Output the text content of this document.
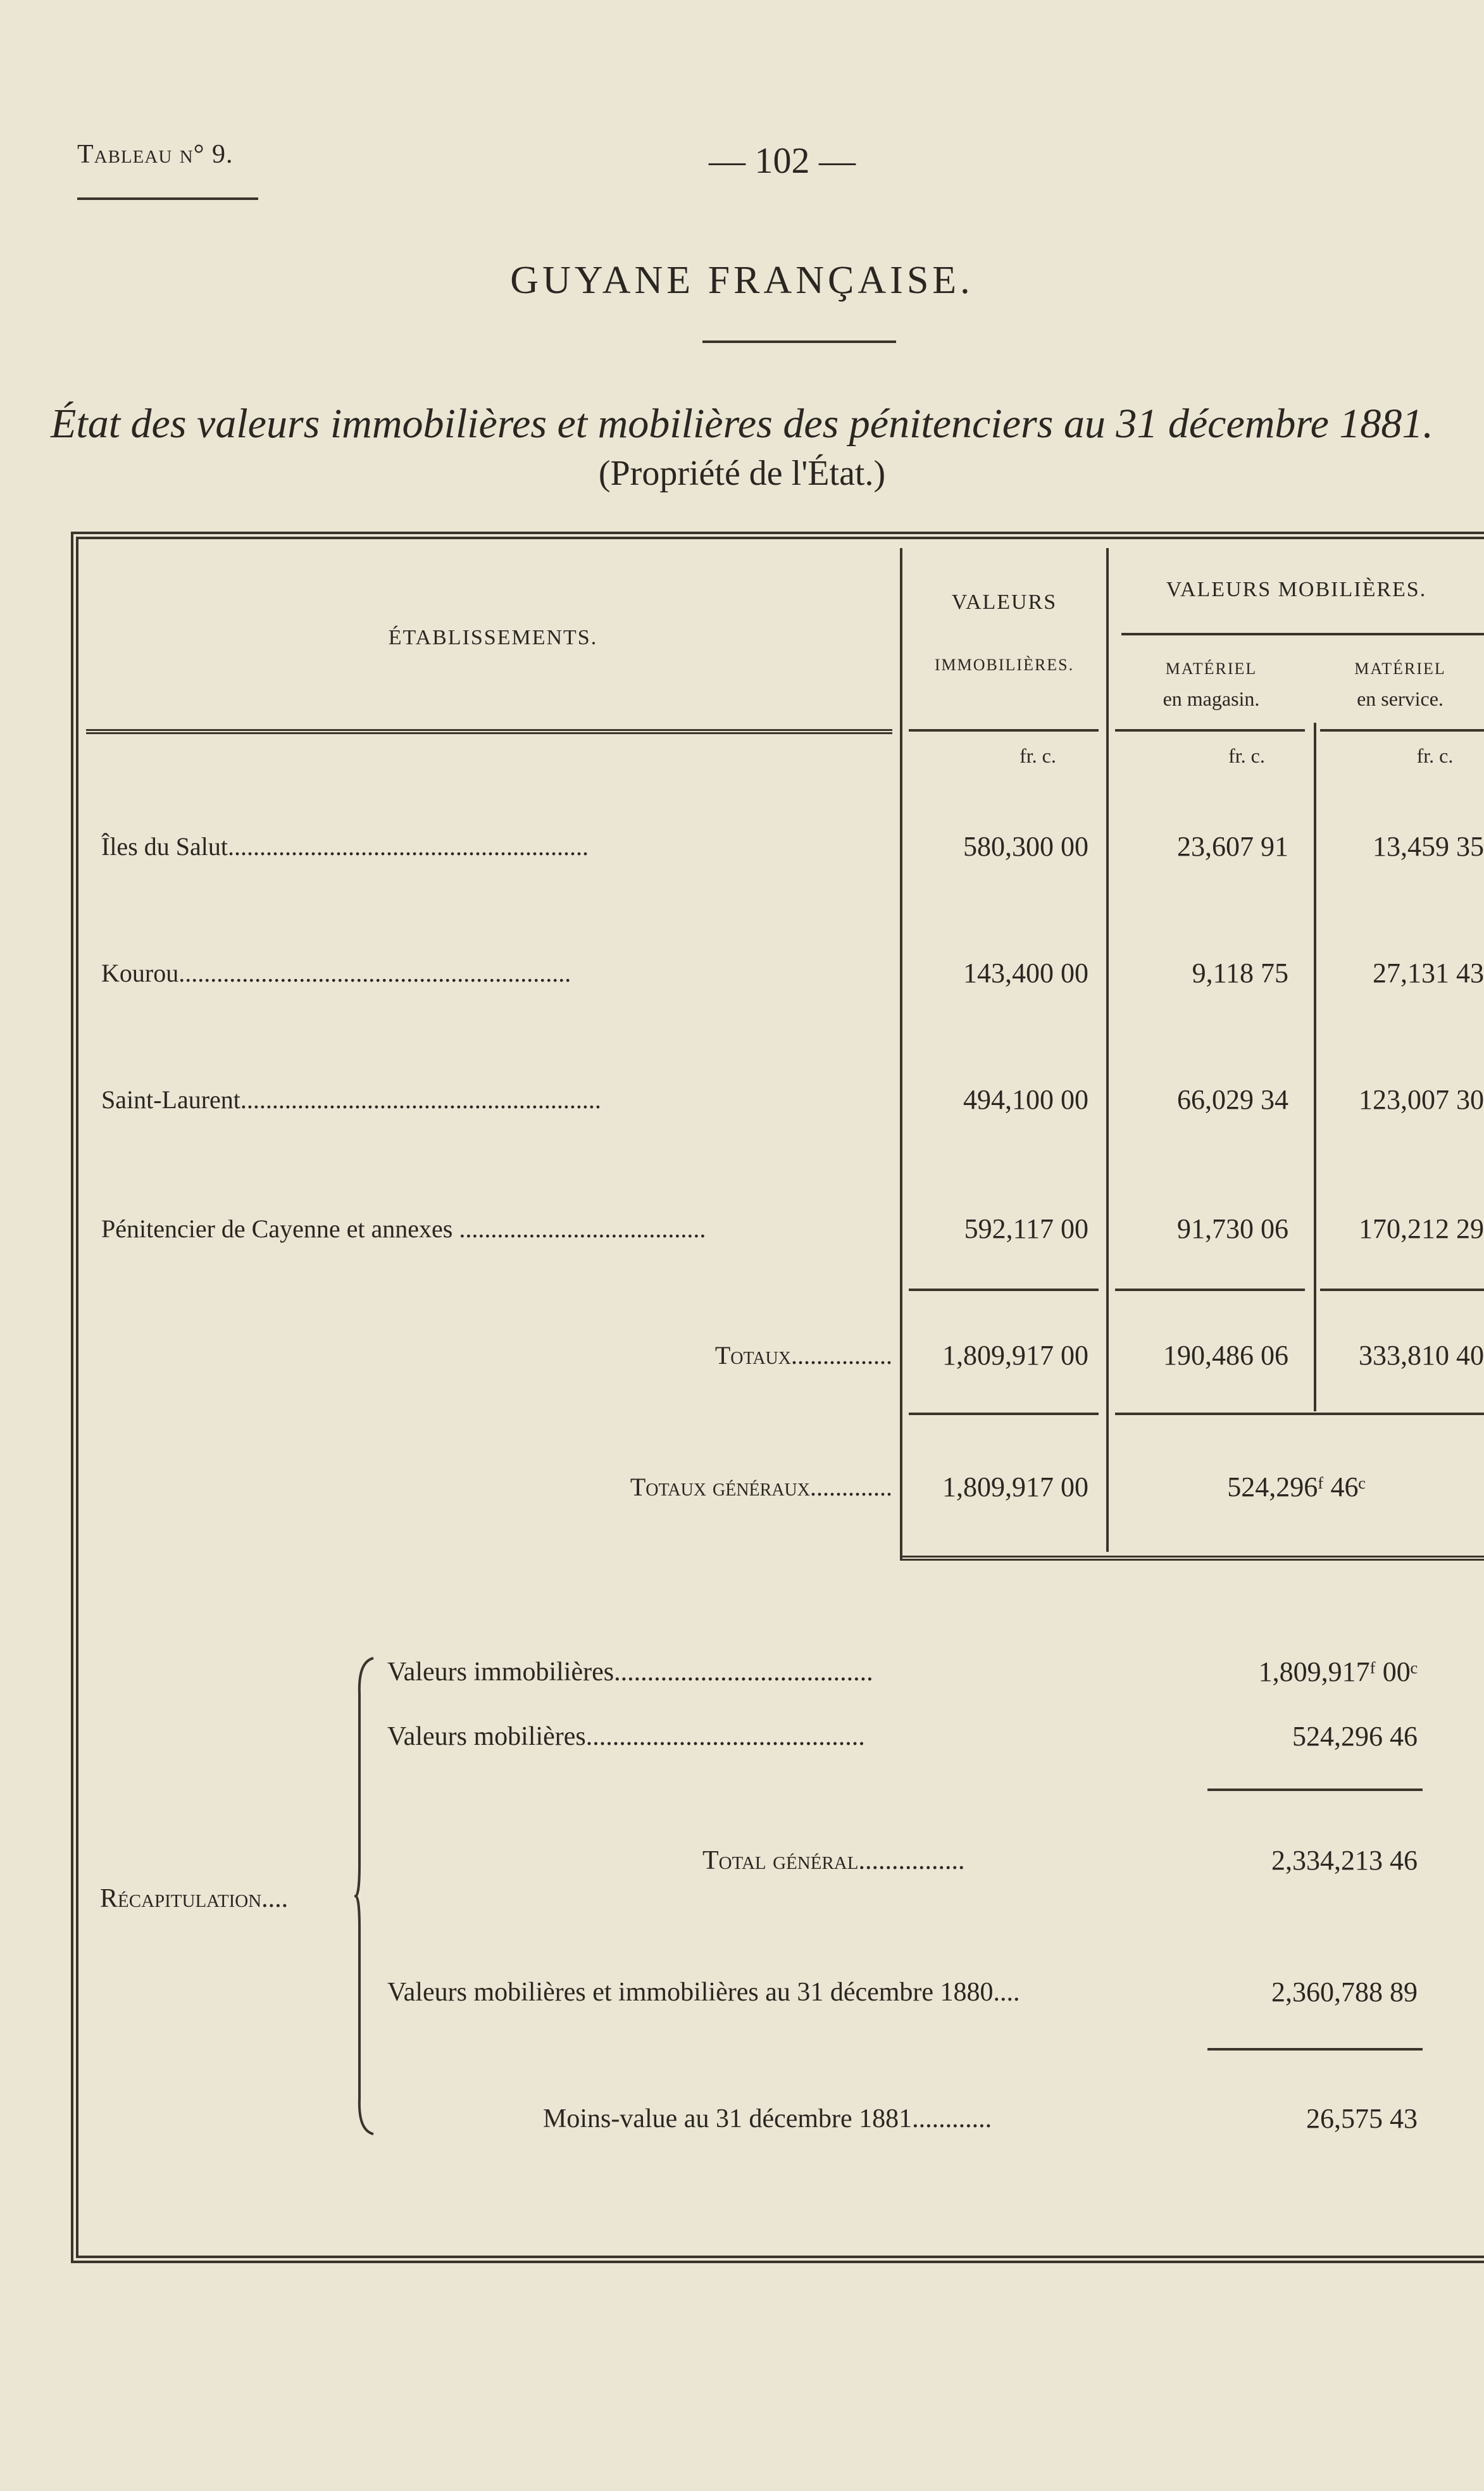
Tableau n° 9.	— 102 —
GUYANE FRANÇAISE.
État des valeurs immobilières et mobilières des pénitenciers au 31 décembre 1881.
(Propriété de l'État.)
ÉTABLISSEMENTS.
VALEURS
IMMOBILIÈRES.
VALEURS MOBILIÈRES.
MATÉRIEL
en magasin.
MATÉRIEL
en service.
fr. c.	fr. c.	fr. c.
Îles du Salut.........................................................	580,300 00	23,607 91	13,459 35
Kourou..............................................................	143,400 00	9,118 75	27,131 43
Saint-Laurent.........................................................	494,100 00	66,029 34	123,007 30
Pénitencier de Cayenne et annexes .......................................	592,117 00	91,730 06	170,212 29
Totaux................	1,809,917 00	190,486 06	333,810 40
Totaux généraux.............	1,809,917 00	524,296ᶠ 46ᶜ
Récapitulation....
Valeurs immobilières.......................................	1,809,917ᶠ 00ᶜ
Valeurs mobilières..........................................	524,296 46
Total général................	2,334,213 46
Valeurs mobilières et immobilières au 31 décembre 1880....	2,360,788 89
Moins-value au 31 décembre 1881............	26,575 43
